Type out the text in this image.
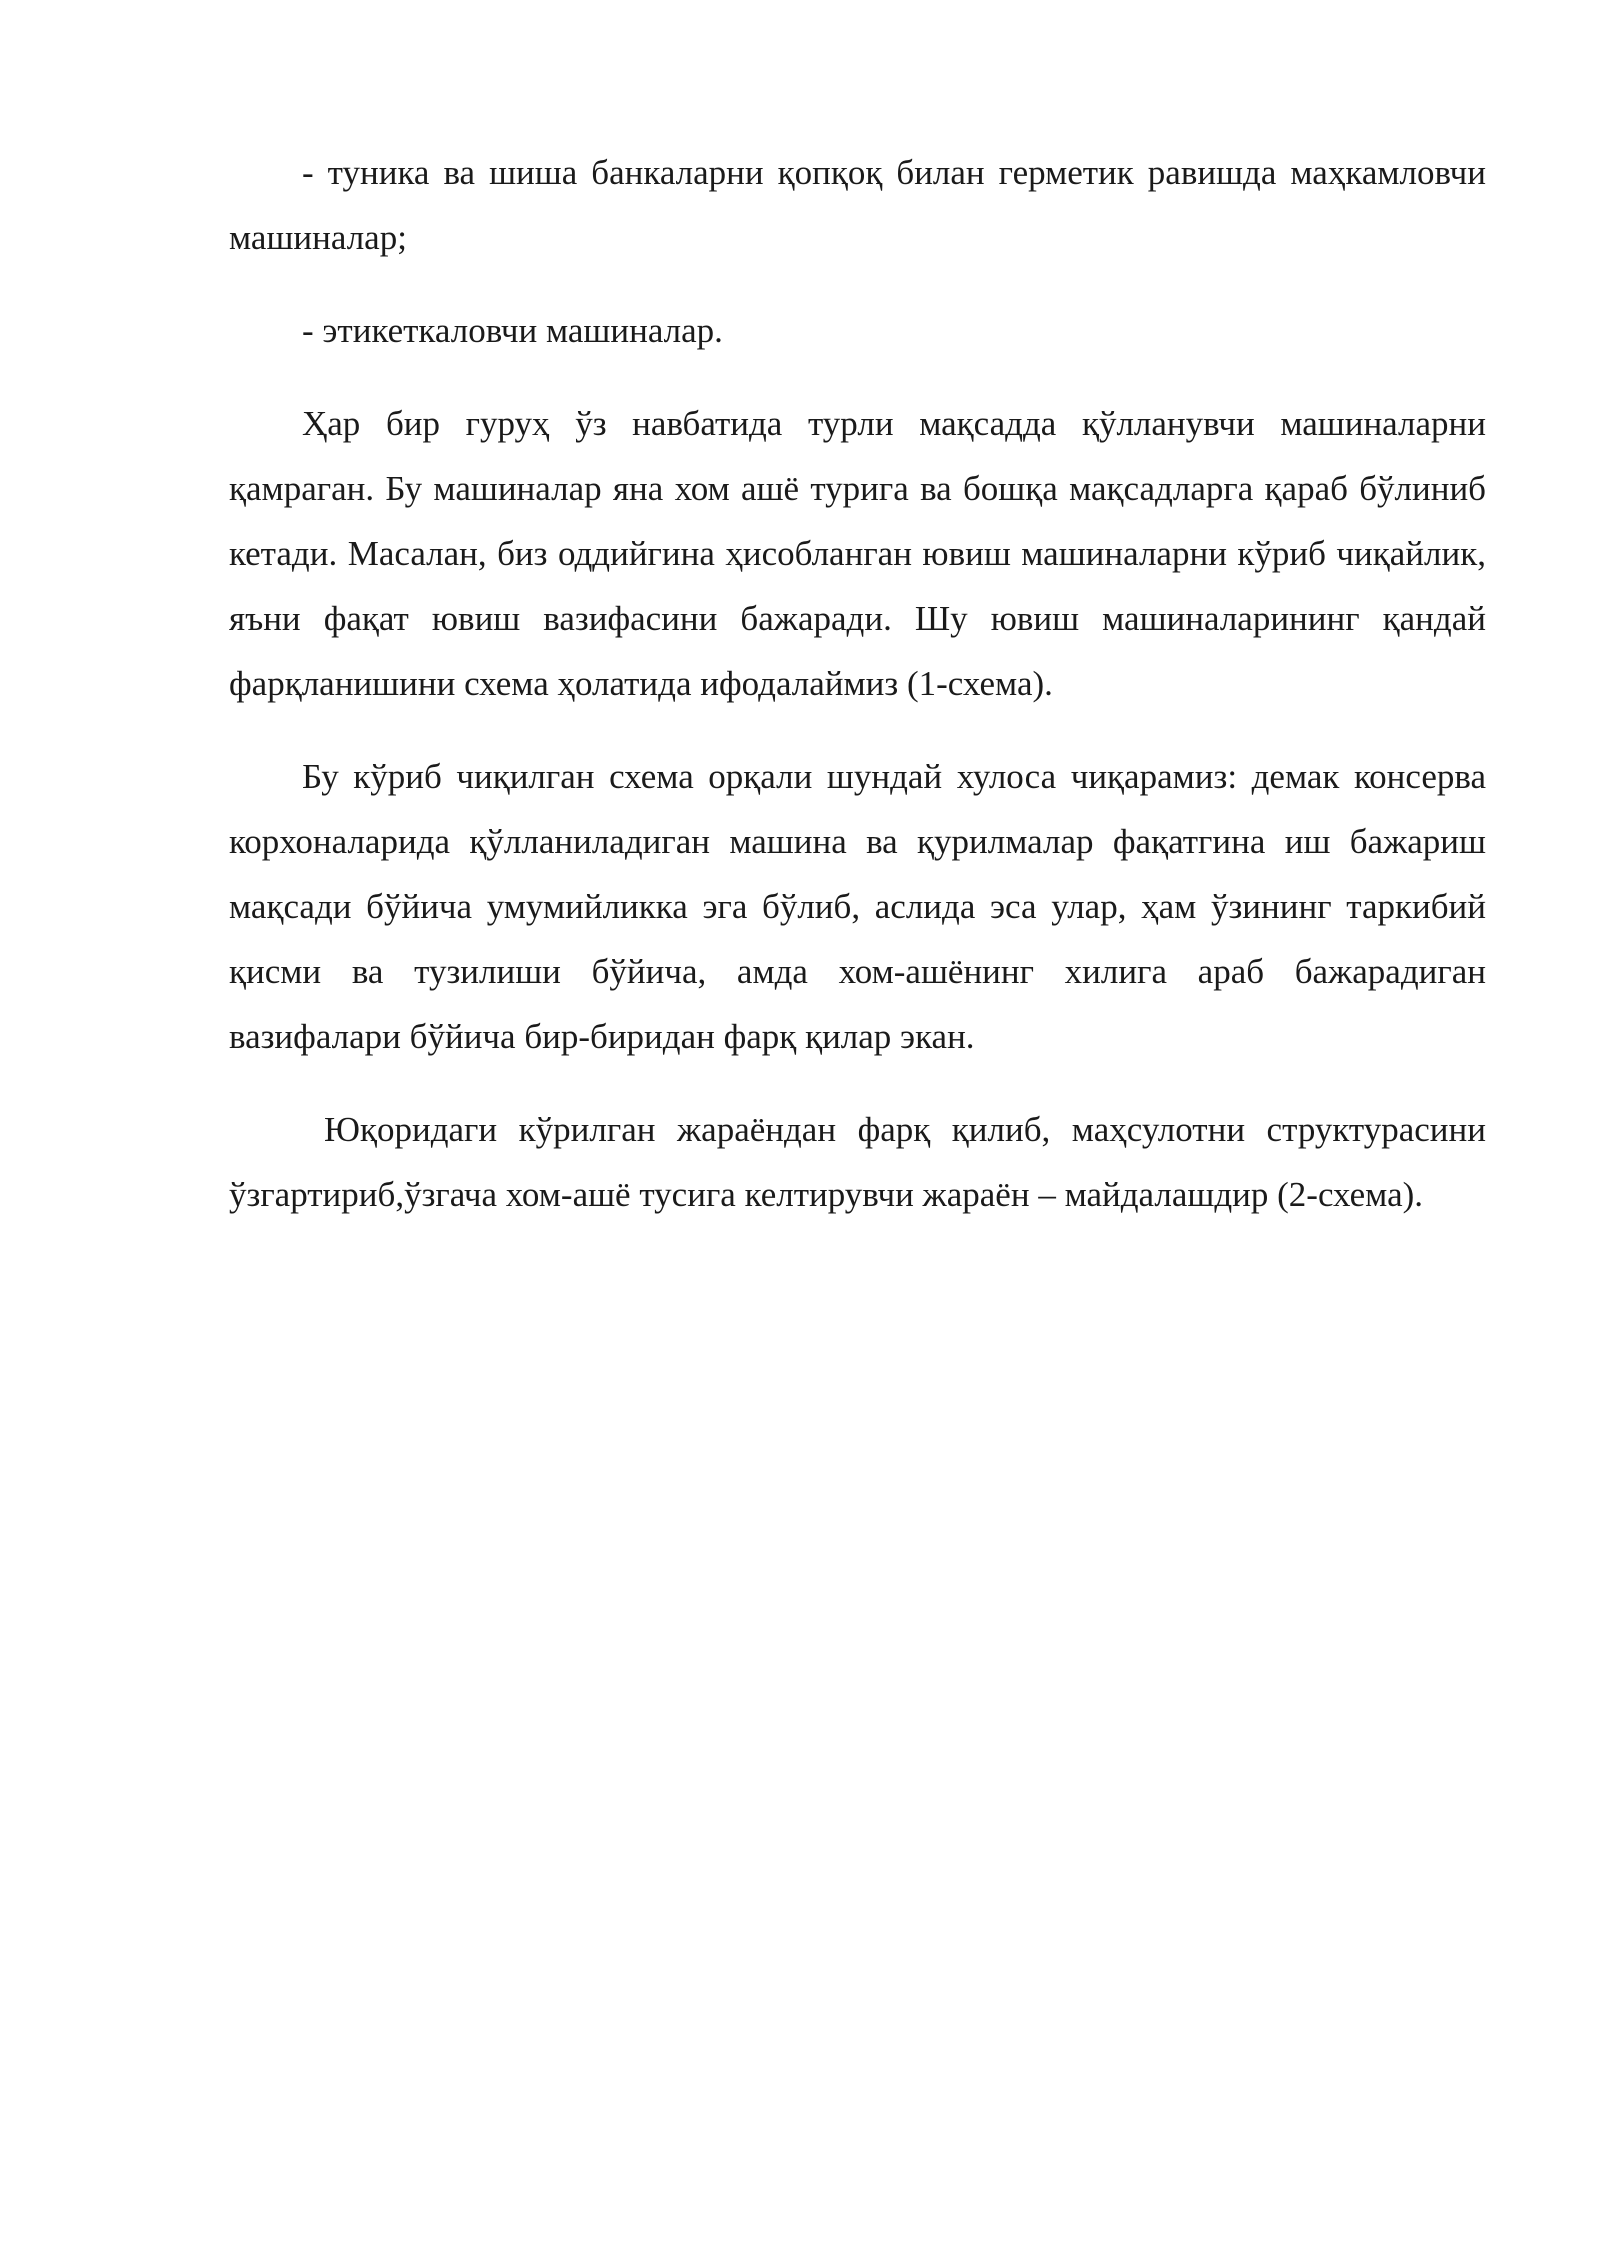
- туника ва шиша банкаларни қопқоқ билан герметик равишда маҳкамловчи машиналар;

- этикеткаловчи машиналар.

Ҳар бир гуруҳ ўз навбатида турли мақсадда қўлланувчи машиналарни қамраган. Бу машиналар яна хом ашё турига ва бошқа мақсадларга қараб бўлиниб кетади. Масалан, биз оддийгина ҳисобланган ювиш машиналарни кўриб чиқайлик, яъни фақат ювиш вазифасини бажаради. Шу ювиш машиналарининг қандай фарқланишини схема ҳолатида ифодалаймиз (1-схема).

Бу кўриб чиқилган схема орқали шундай хулоса чиқарамиз: демак консерва корхоналарида қўлланиладиган машина ва қурилмалар фақатгина иш бажариш мақсади бўйича умумийликка эга бўлиб, аслида эса улар, ҳам ўзининг таркибий қисми ва тузилиши бўйича, амда хом-ашёнинг хилига араб бажарадиган вазифалари бўйича бир-биридан фарқ қилар экан.

Юқоридаги кўрилган жараёндан фарқ қилиб, маҳсулотни структурасини ўзгартириб,ўзгача хом-ашё тусига келтирувчи жараён – майдалашдир (2-схема).
